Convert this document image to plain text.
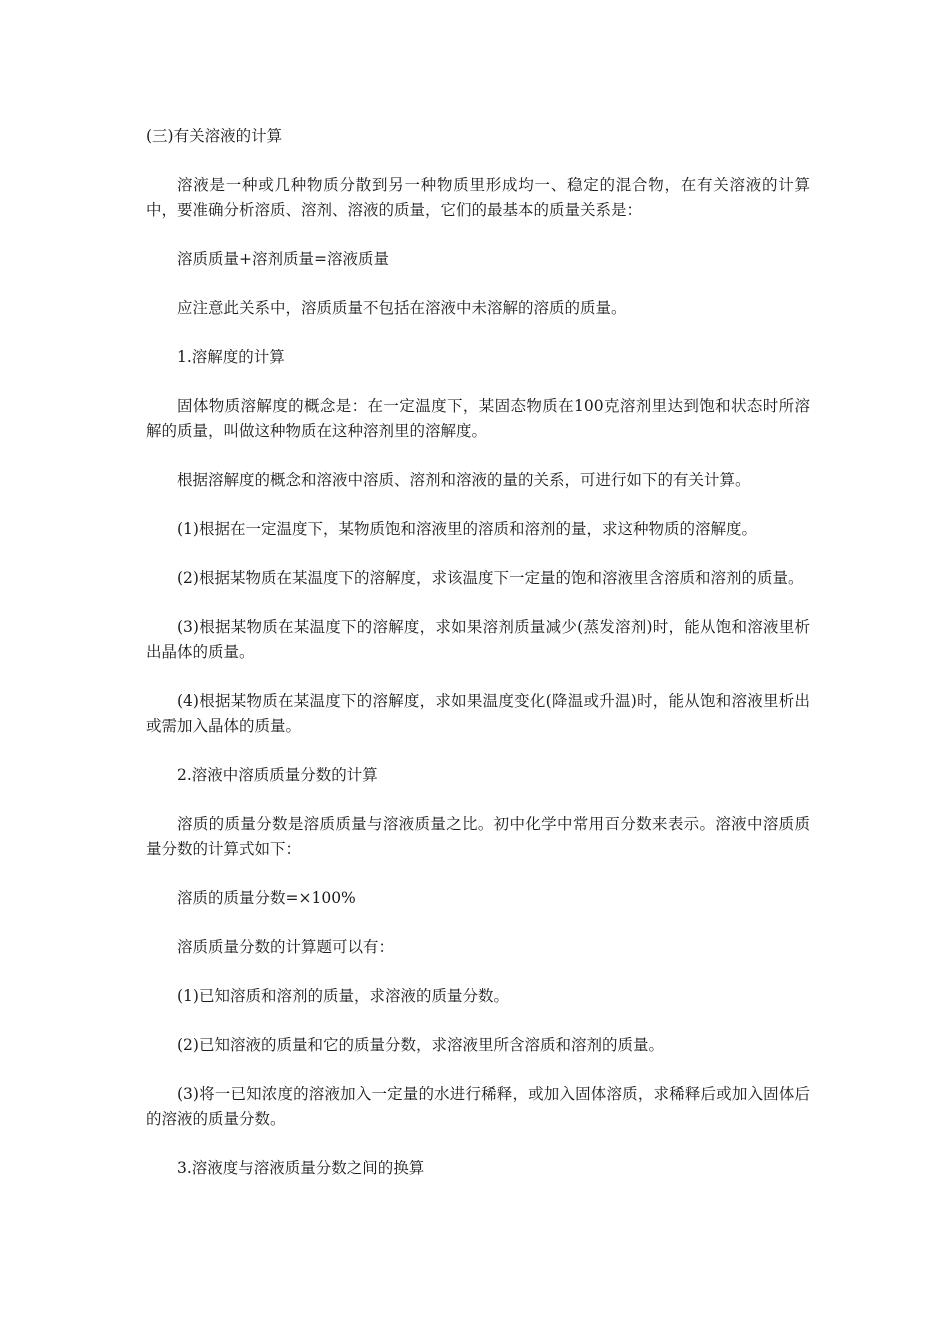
(三)有关溶液的计算

溶液是一种或几种物质分散到另一种物质里形成均一、稳定的混合物，在有关溶液的计算中，要准确分析溶质、溶剂、溶液的质量，它们的最基本的质量关系是：

溶质质量+溶剂质量=溶液质量

应注意此关系中，溶质质量不包括在溶液中未溶解的溶质的质量。

1.溶解度的计算

固体物质溶解度的概念是：在一定温度下，某固态物质在100克溶剂里达到饱和状态时所溶解的质量，叫做这种物质在这种溶剂里的溶解度。

根据溶解度的概念和溶液中溶质、溶剂和溶液的量的关系，可进行如下的有关计算。

(1)根据在一定温度下，某物质饱和溶液里的溶质和溶剂的量，求这种物质的溶解度。

(2)根据某物质在某温度下的溶解度，求该温度下一定量的饱和溶液里含溶质和溶剂的质量。

(3)根据某物质在某温度下的溶解度，求如果溶剂质量减少(蒸发溶剂)时，能从饱和溶液里析出晶体的质量。

(4)根据某物质在某温度下的溶解度，求如果温度变化(降温或升温)时，能从饱和溶液里析出或需加入晶体的质量。

2.溶液中溶质质量分数的计算

溶质的质量分数是溶质质量与溶液质量之比。初中化学中常用百分数来表示。溶液中溶质质量分数的计算式如下：

溶质的质量分数=×100%

溶质质量分数的计算题可以有：

(1)已知溶质和溶剂的质量，求溶液的质量分数。

(2)已知溶液的质量和它的质量分数，求溶液里所含溶质和溶剂的质量。

(3)将一已知浓度的溶液加入一定量的水进行稀释，或加入固体溶质，求稀释后或加入固体后的溶液的质量分数。

3.溶液度与溶液质量分数之间的换算
